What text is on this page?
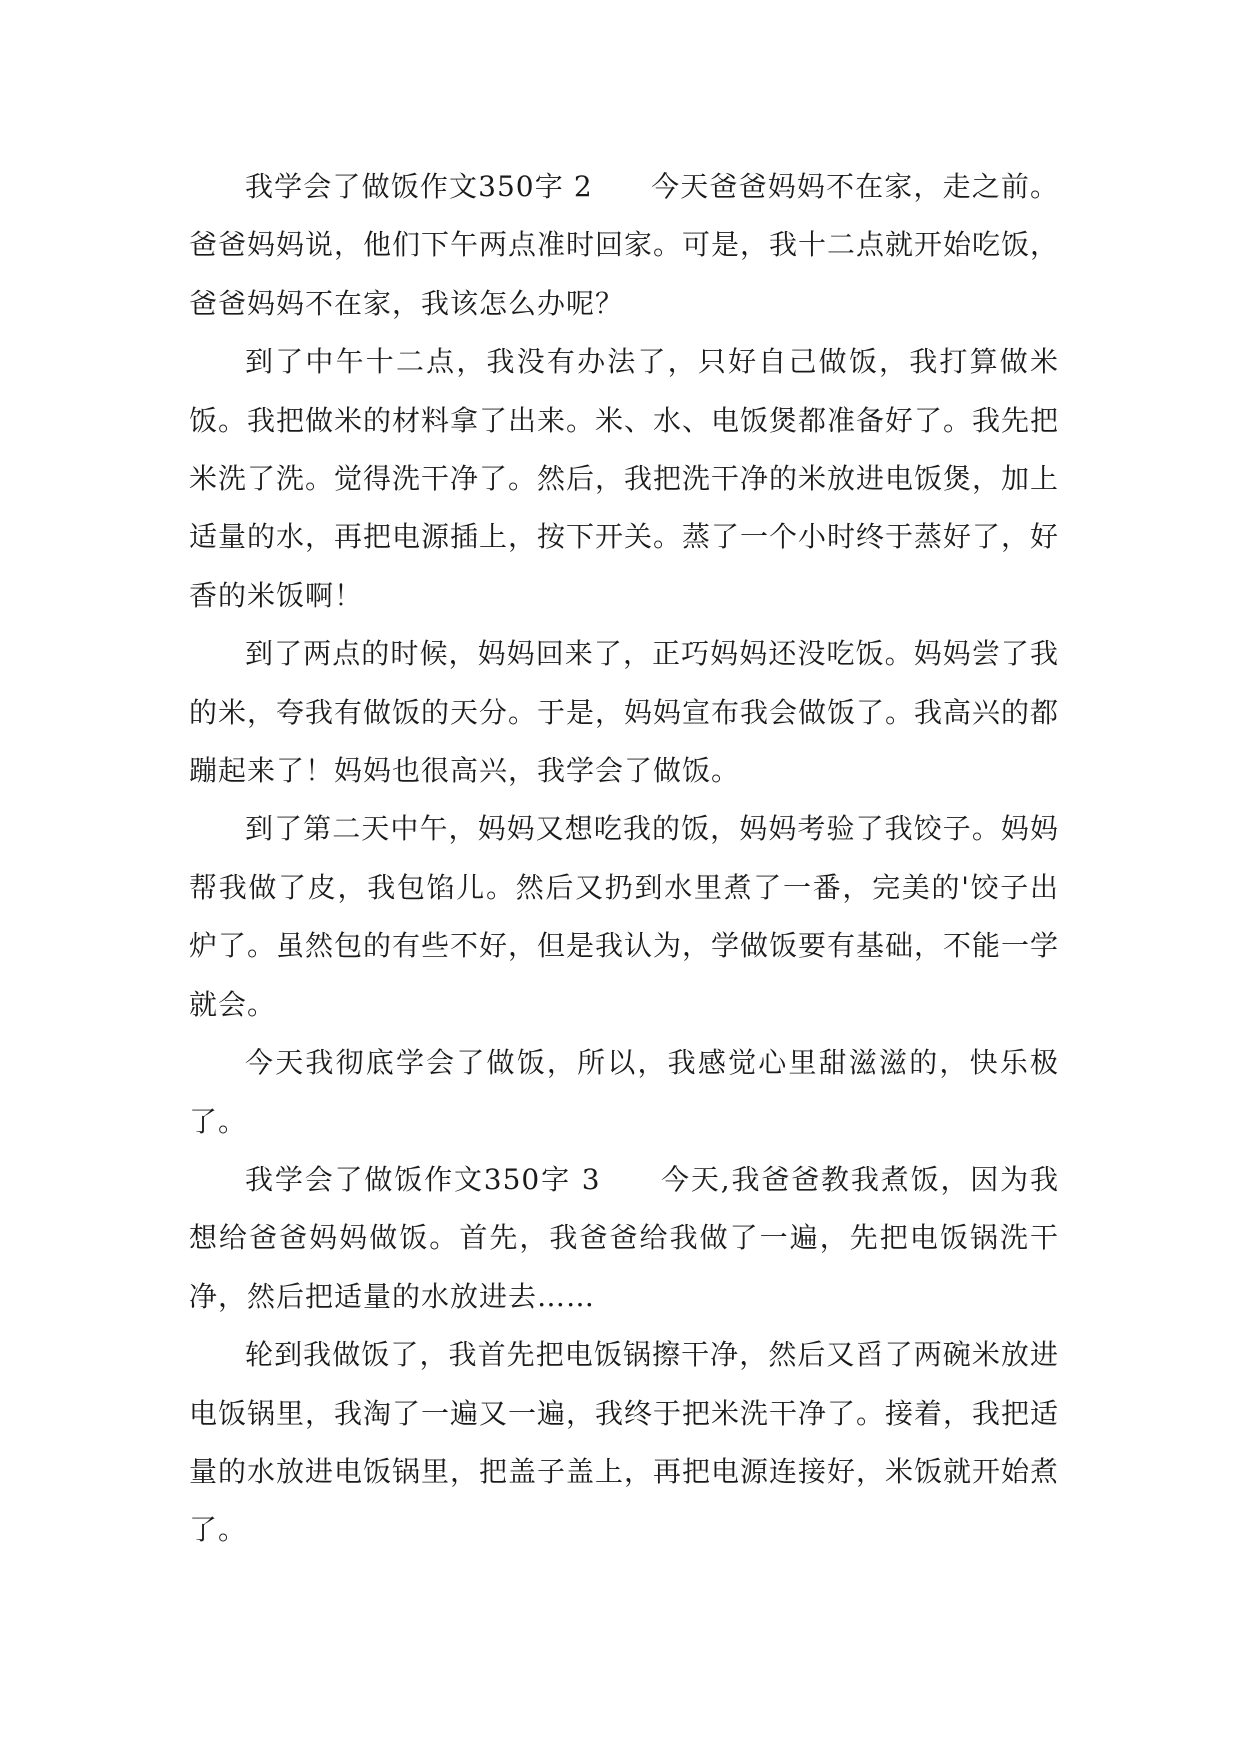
我学会了做饭作文350字 2　　今天爸爸妈妈不在家，走之前。爸爸妈妈说，他们下午两点准时回家。可是，我十二点就开始吃饭，爸爸妈妈不在家，我该怎么办呢？

到了中午十二点，我没有办法了，只好自己做饭，我打算做米饭。我把做米的材料拿了出来。米、水、电饭煲都准备好了。我先把米洗了洗。觉得洗干净了。然后，我把洗干净的米放进电饭煲，加上适量的水，再把电源插上，按下开关。蒸了一个小时终于蒸好了，好香的米饭啊！

到了两点的时候，妈妈回来了，正巧妈妈还没吃饭。妈妈尝了我的米，夸我有做饭的天分。于是，妈妈宣布我会做饭了。我高兴的都蹦起来了！妈妈也很高兴，我学会了做饭。

到了第二天中午，妈妈又想吃我的饭，妈妈考验了我饺子。妈妈帮我做了皮，我包馅儿。然后又扔到水里煮了一番，完美的'饺子出炉了。虽然包的有些不好，但是我认为，学做饭要有基础，不能一学就会。

今天我彻底学会了做饭，所以，我感觉心里甜滋滋的，快乐极了。

我学会了做饭作文350字 3　　今天,我爸爸教我煮饭，因为我想给爸爸妈妈做饭。首先，我爸爸给我做了一遍，先把电饭锅洗干净，然后把适量的水放进去……

轮到我做饭了，我首先把电饭锅擦干净，然后又舀了两碗米放进电饭锅里，我淘了一遍又一遍，我终于把米洗干净了。接着，我把适量的水放进电饭锅里，把盖子盖上，再把电源连接好，米饭就开始煮了。
